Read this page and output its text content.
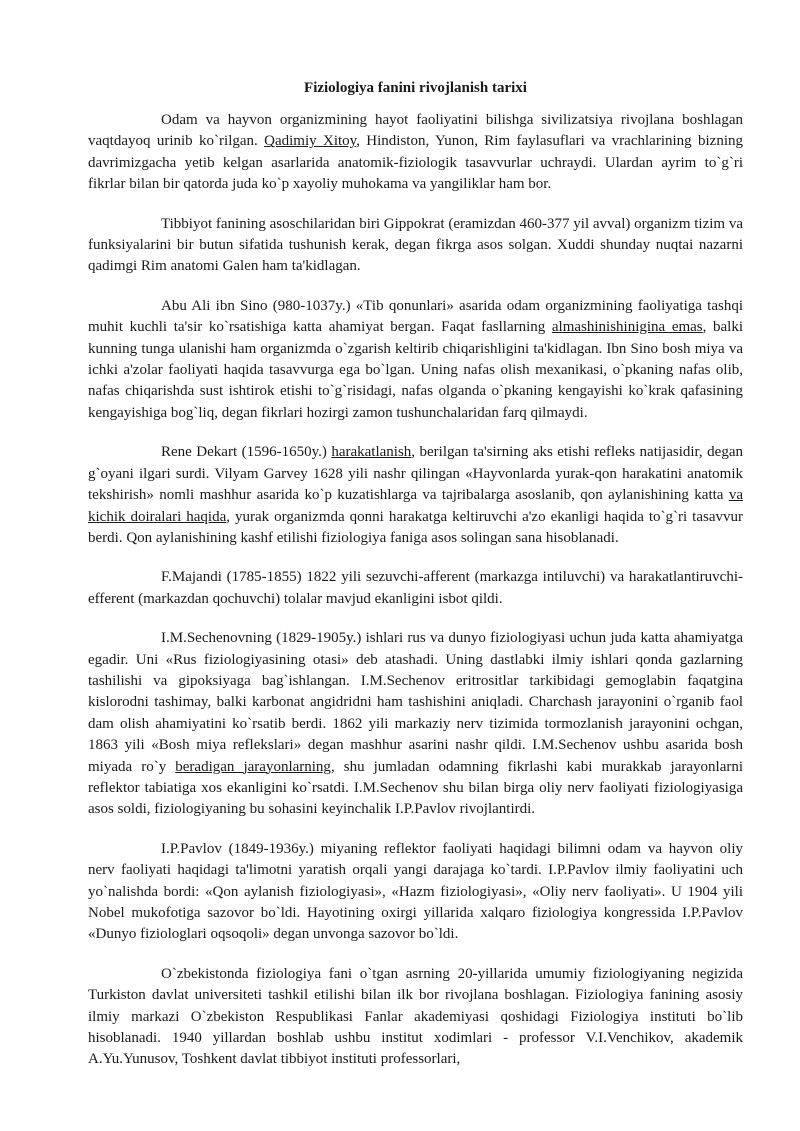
Fiziologiya fanini rivojlanish tarixi

Odam va hayvon organizmining hayot faoliyatini bilishga sivilizatsiya rivojlana boshlagan vaqtdayoq urinib ko`rilgan. Qadimiy Xitoy, Hindiston, Yunon, Rim faylasuflari va vrachlarining bizning davrimizgacha yetib kelgan asarlarida anatomik-fiziologik tasavvurlar uchraydi. Ulardan ayrim to`g`ri fikrlar bilan bir qatorda juda ko`p xayoliy muhokama va yangiliklar ham bor.

Tibbiyot fanining asoschilaridan biri Gippokrat (eramizdan 460-377 yil avval) organizm tizim va funksiyalarini bir butun sifatida tushunish kerak, degan fikrga asos solgan. Xuddi shunday nuqtai nazarni qadimgi Rim anatomi Galen ham ta'kidlagan.

Abu Ali ibn Sino (980-1037y.) «Tib qonunlari» asarida odam organizmining faoliyatiga tashqi muhit kuchli ta'sir ko`rsatishiga katta ahamiyat bergan. Faqat fasllarning almashinishinigina emas, balki kunning tunga ulanishi ham organizmda o`zgarish keltirib chiqarishligini ta'kidlagan. Ibn Sino bosh miya va ichki a'zolar faoliyati haqida tasavvurga ega bo`lgan. Uning nafas olish mexanikasi, o`pkaning nafas olib, nafas chiqarishda sust ishtirok etishi to`g`risidagi, nafas olganda o`pkaning kengayishi ko`krak qafasining kengayishiga bog`liq, degan fikrlari hozirgi zamon tushunchalaridan farq qilmaydi.

Rene Dekart (1596-1650y.) harakatlanish, berilgan ta'sirning aks etishi refleks natijasidir, degan g`oyani ilgari surdi. Vilyam Garvey 1628 yili nashr qilingan «Hayvonlarda yurak-qon harakatini anatomik tekshirish» nomli mashhur asarida ko`p kuzatishlarga va tajribalarga asoslanib, qon aylanishining katta va kichik doiralari haqida, yurak organizmda qonni harakatga keltiruvchi a'zo ekanligi haqida to`g`ri tasavvur berdi. Qon aylanishining kashf etilishi fiziologiya faniga asos solingan sana hisoblanadi.

F.Majandi (1785-1855) 1822 yili sezuvchi-afferent (markazga intiluvchi) va harakatlantiruvchi-efferent (markazdan qochuvchi) tolalar mavjud ekanligini isbot qildi.

I.M.Sechenovning (1829-1905y.) ishlari rus va dunyo fiziologiyasi uchun juda katta ahamiyatga egadir. Uni «Rus fiziologiyasining otasi» deb atashadi. Uning dastlabki ilmiy ishlari qonda gazlarning tashilishi va gipoksiyaga bag`ishlangan. I.M.Sechenov eritrositlar tarkibidagi gemoglabin faqatgina kislorodni tashimay, balki karbonat angidridni ham tashishini aniqladi. Charchash jarayonini o`rganib faol dam olish ahamiyatini ko`rsatib berdi. 1862 yili markaziy nerv tizimida tormozlanish jarayonini ochgan, 1863 yili «Bosh miya reflekslari» degan mashhur asarini nashr qildi. I.M.Sechenov ushbu asarida bosh miyada ro`y beradigan jarayonlarning, shu jumladan odamning fikrlashi kabi murakkab jarayonlarni reflektor tabiatiga xos ekanligini ko`rsatdi. I.M.Sechenov shu bilan birga oliy nerv faoliyati fiziologiyasiga asos soldi, fiziologiyaning bu sohasini keyinchalik I.P.Pavlov rivojlantirdi.

I.P.Pavlov (1849-1936y.) miyaning reflektor faoliyati haqidagi bilimni odam va hayvon oliy nerv faoliyati haqidagi ta'limotni yaratish orqali yangi darajaga ko`tardi. I.P.Pavlov ilmiy faoliyatini uch yo`nalishda bordi: «Qon aylanish fiziologiyasi», «Hazm fiziologiyasi», «Oliy nerv faoliyati». U 1904 yili Nobel mukofotiga sazovor bo`ldi. Hayotining oxirgi yillarida xalqaro fiziologiya kongressida I.P.Pavlov «Dunyo fiziologlari oqsoqoli» degan unvonga sazovor bo`ldi.

O`zbekistonda fiziologiya fani o`tgan asrning 20-yillarida umumiy fiziologiyaning negizida Turkiston davlat universiteti tashkil etilishi bilan ilk bor rivojlana boshlagan. Fiziologiya fanining asosiy ilmiy markazi O`zbekiston Respublikasi Fanlar akademiyasi qoshidagi Fiziologiya instituti bo`lib hisoblanadi. 1940 yillardan boshlab ushbu institut xodimlari - professor V.I.Venchikov, akademik A.Yu.Yunusov, Toshkent davlat tibbiyot instituti professorlari,
